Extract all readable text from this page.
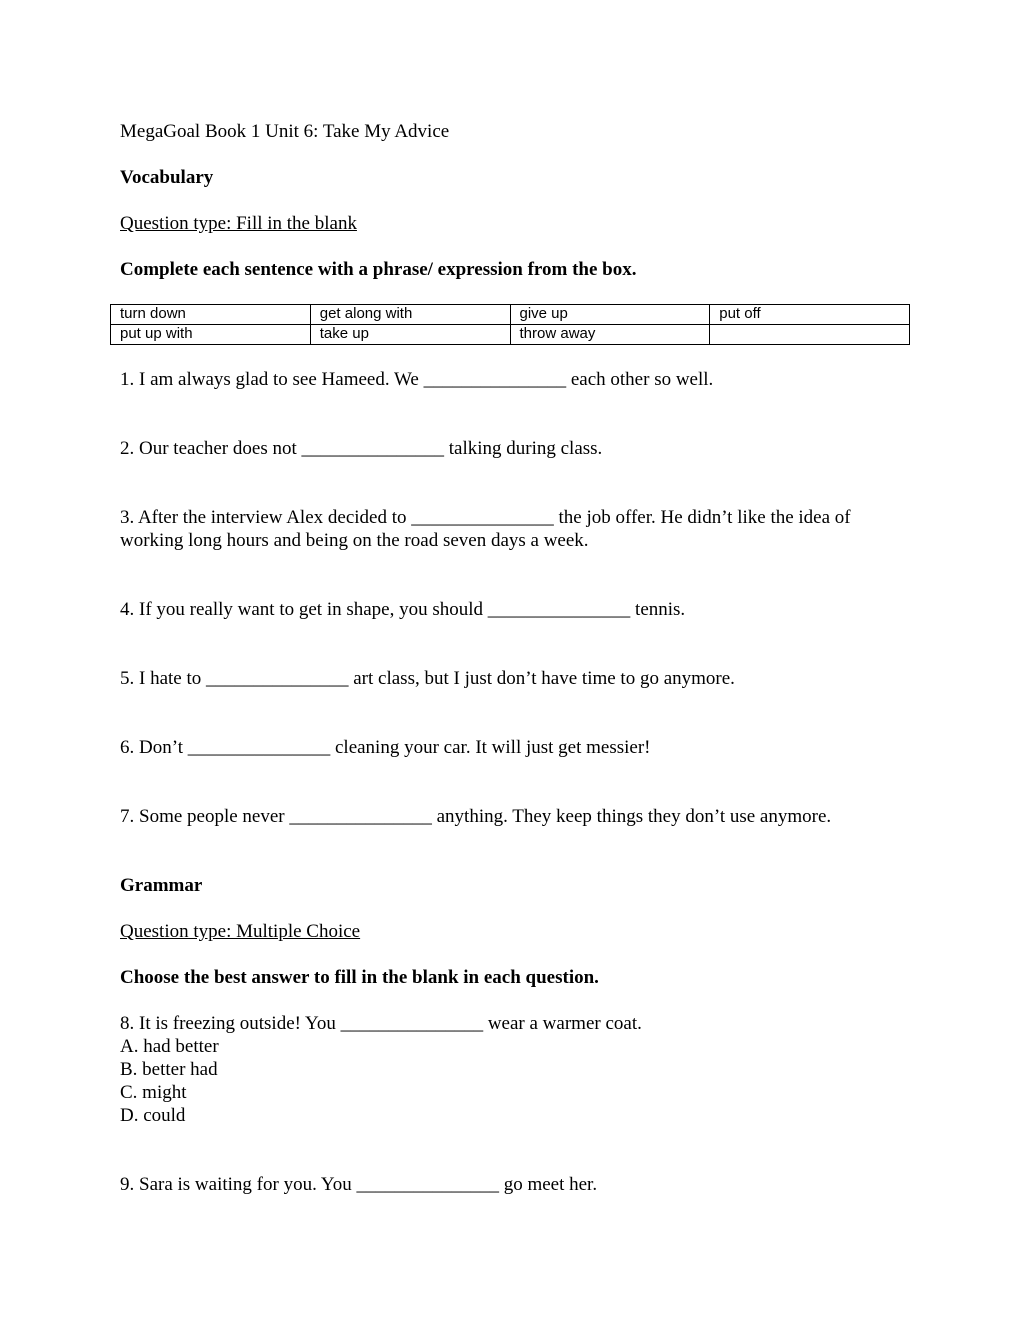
MegaGoal Book 1 Unit 6: Take My Advice

Vocabulary

Question type: Fill in the blank

Complete each sentence with a phrase/ expression from the box.

turn down	get along with	give up	put off
put up with	take up	throw away	

1. I am always glad to see Hameed. We _______________ each other so well.

2. Our teacher does not _______________ talking during class.

3. After the interview Alex decided to _______________ the job offer. He didn’t like the idea of working long hours and being on the road seven days a week.

4. If you really want to get in shape, you should _______________ tennis.

5. I hate to _______________ art class, but I just don’t have time to go anymore.

6. Don’t _______________ cleaning your car. It will just get messier!

7. Some people never _______________ anything. They keep things they don’t use anymore.

Grammar

Question type: Multiple Choice

Choose the best answer to fill in the blank in each question.

8. It is freezing outside! You _______________ wear a warmer coat.

A. had better

B. better had

C. might

D. could

9. Sara is waiting for you. You _______________ go meet her.
